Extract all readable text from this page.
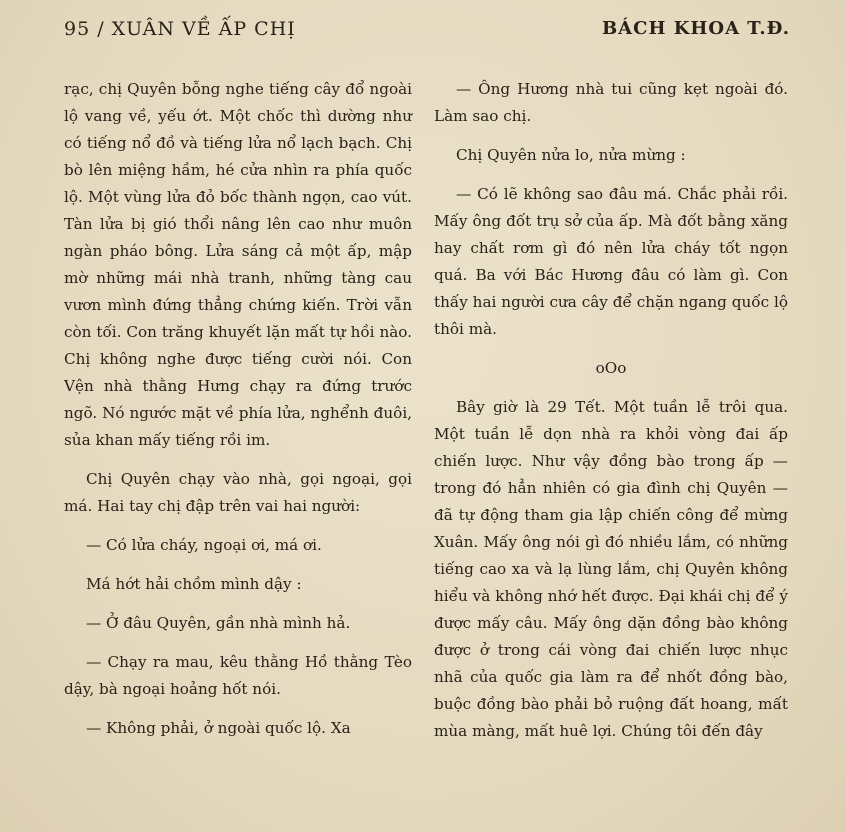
95 / XUÂN VỀ ẤP CHỊ	BÁCH KHOA T.Đ.

rạc, chị Quyên bỗng nghe tiếng cây đổ ngoài lộ vang về, yếu ớt. Một chốc thì dường như có tiếng nổ đồ và tiếng lửa nổ lạch bạch. Chị bò lên miệng hầm, hé cửa nhìn ra phía quốc lộ. Một vùng lửa đỏ bốc thành ngọn, cao vút. Tàn lửa bị gió thổi nâng lên cao như muôn ngàn pháo bông. Lửa sáng cả một ấp, mập mờ những mái nhà tranh, những tàng cau vươn mình đứng thẳng chứng kiến. Trời vẫn còn tối. Con trăng khuyết lặn mất tự hồi nào. Chị không nghe được tiếng cười nói. Con Vện nhà thằng Hưng chạy ra đứng trước ngõ. Nó ngước mặt về phía lửa, nghểnh đuôi, sủa khan mấy tiếng rồi im.

Chị Quyên chạy vào nhà, gọi ngoại, gọi má. Hai tay chị đập trên vai hai người:

— Có lửa cháy, ngoại ơi, má ơi.

Má hớt hải chồm mình dậy :

— Ở đâu Quyên, gần nhà mình hả.

— Chạy ra mau, kêu thằng Hồ thằng Tèo dậy, bà ngoại hoảng hốt nói.

— Không phải, ở ngoài quốc lộ. Xa

— Ông Hương nhà tui cũng kẹt ngoài đó. Làm sao chị.

Chị Quyên nửa lo, nửa mừng :

— Có lẽ không sao đâu má. Chắc phải rồi. Mấy ông đốt trụ sở của ấp. Mà đốt bằng xăng hay chất rơm gì đó nên lửa cháy tốt ngọn quá. Ba với Bác Hương đâu có làm gì. Con thấy hai người cưa cây để chặn ngang quốc lộ thôi mà.

oOo

Bây giờ là 29 Tết. Một tuần lễ trôi qua. Một tuần lễ dọn nhà ra khỏi vòng đai ấp chiến lược. Như vậy đồng bào trong ấp — trong đó hẳn nhiên có gia đình chị Quyên — đã tự động tham gia lập chiến công để mừng Xuân. Mấy ông nói gì đó nhiều lắm, có những tiếng cao xa và lạ lùng lắm, chị Quyên không hiểu và không nhớ hết được. Đại khái chị để ý được mấy câu. Mấy ông dặn đồng bào không được ở trong cái vòng đai chiến lược nhục nhã của quốc gia làm ra để nhốt đồng bào, buộc đồng bào phải bỏ ruộng đất hoang, mất mùa màng, mất huê lợi. Chúng tôi đến đây
